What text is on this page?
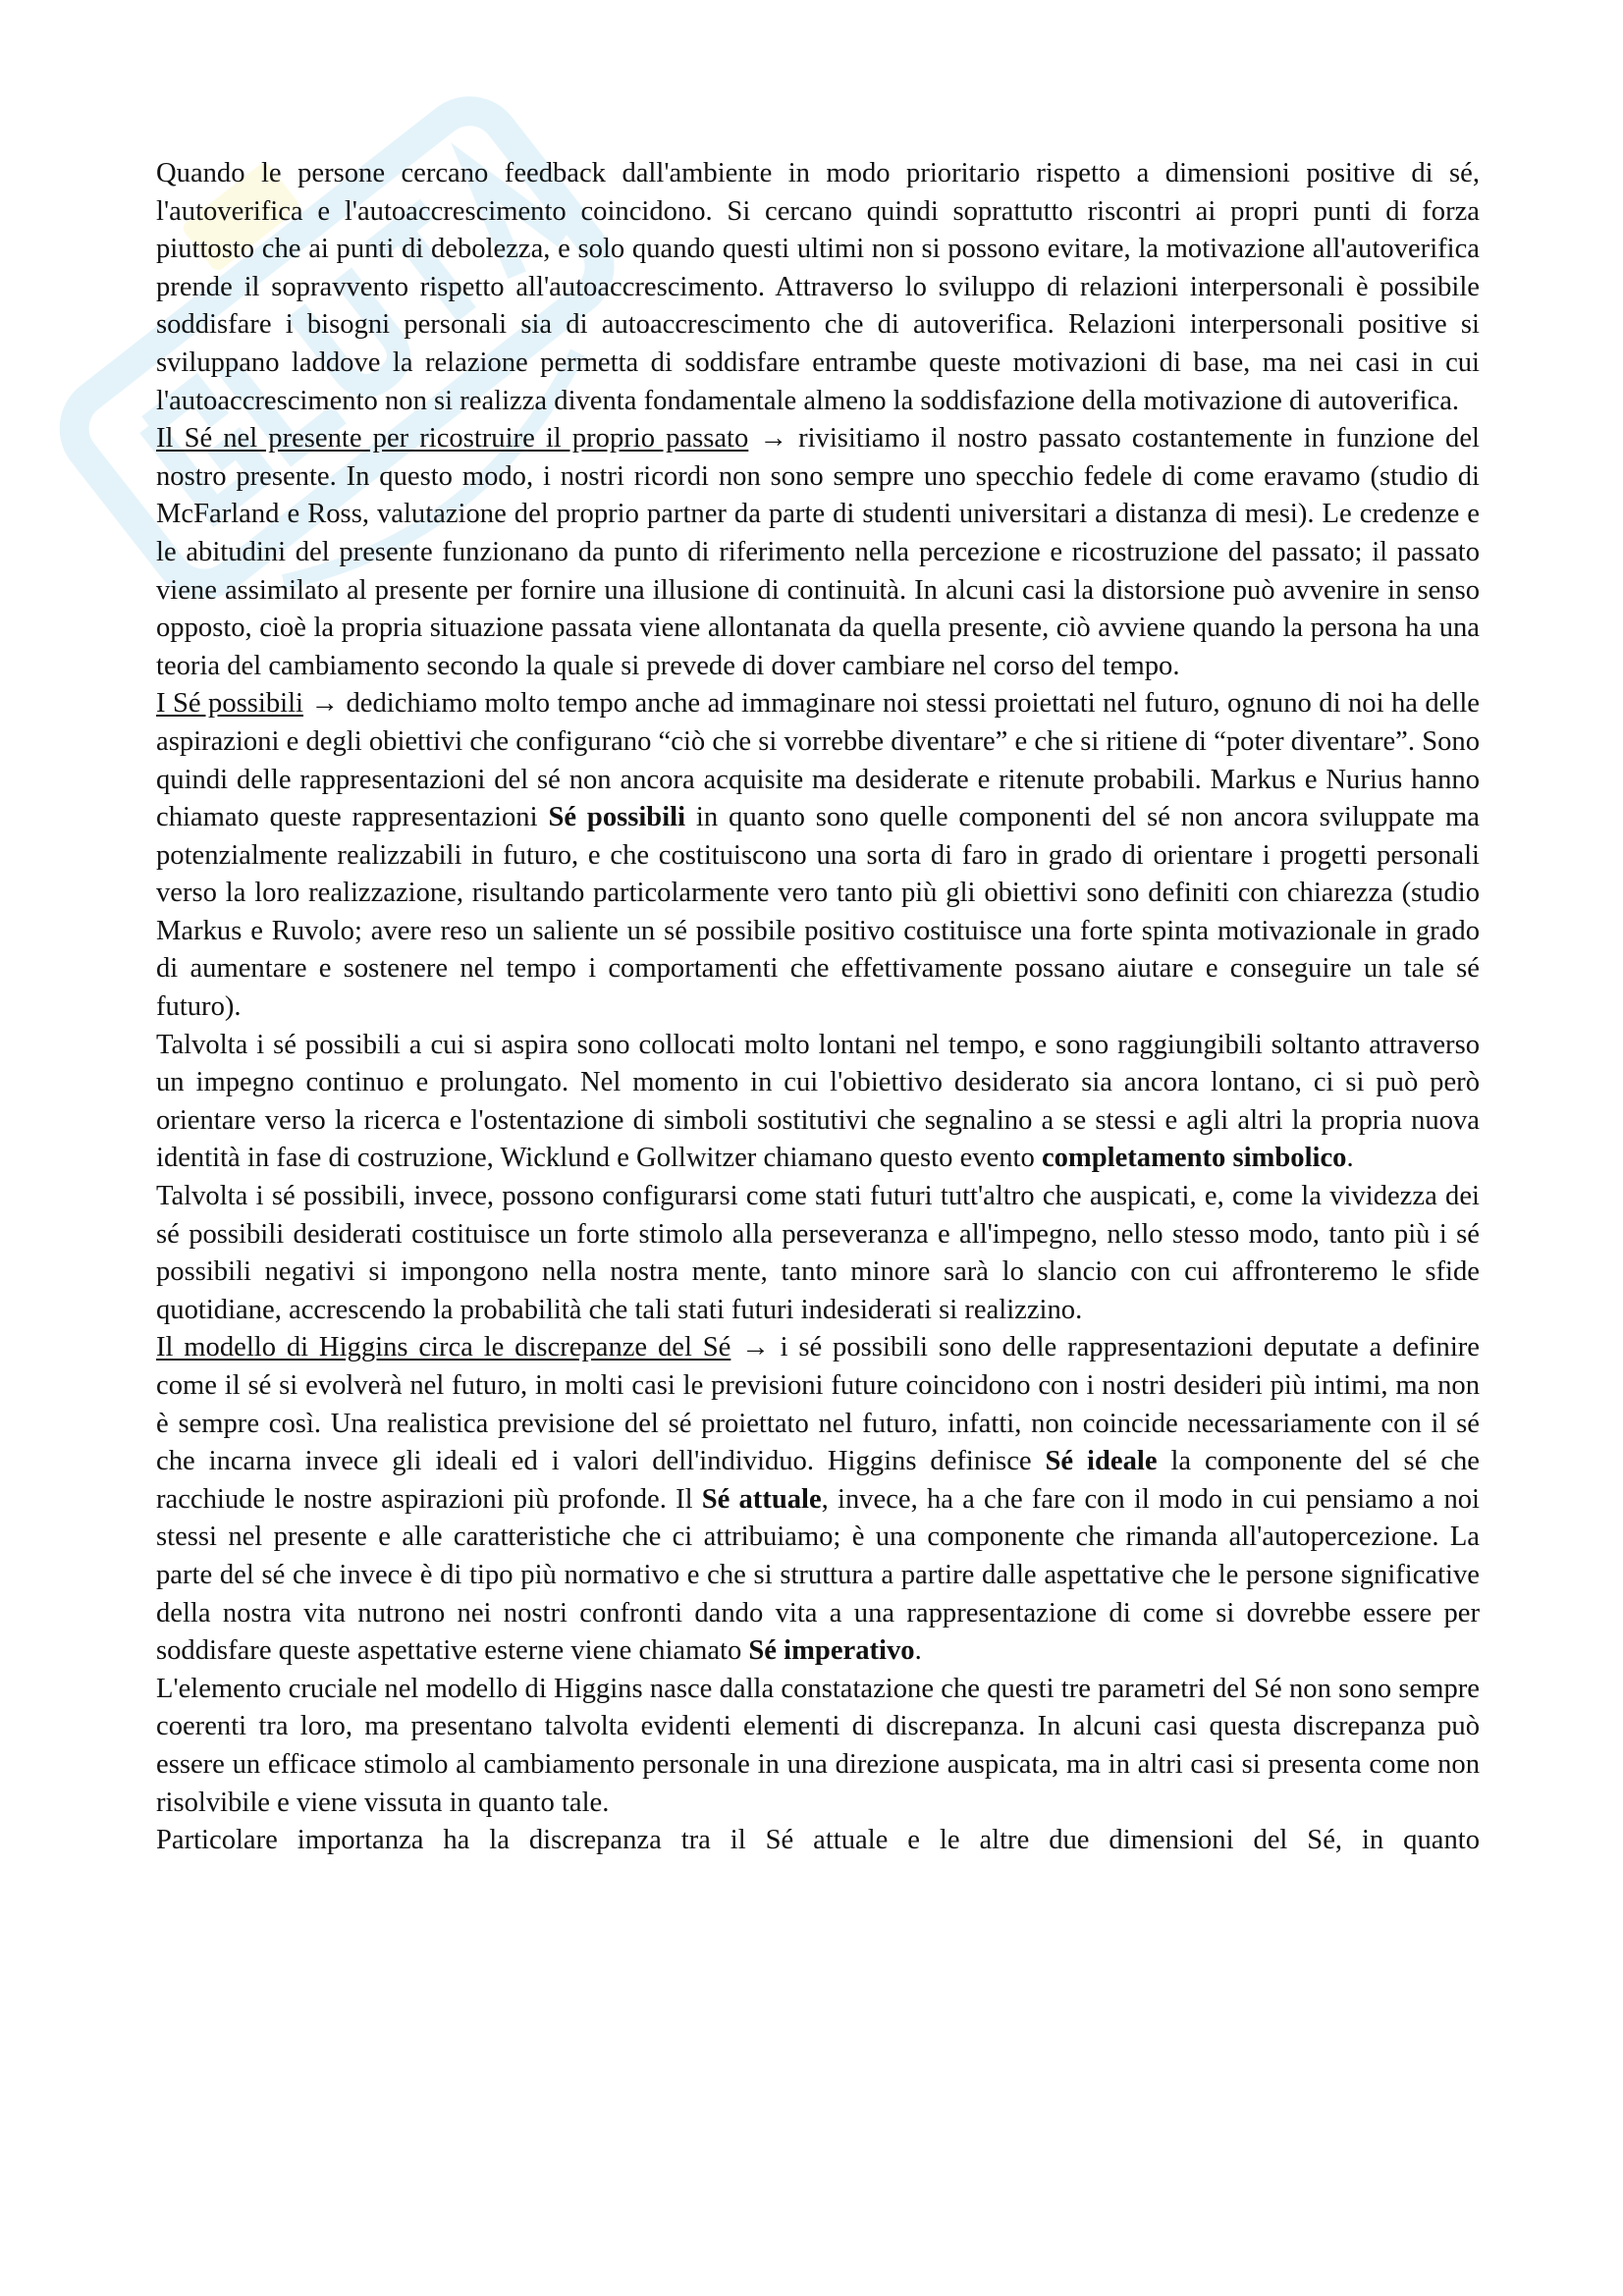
Quando le persone cercano feedback dall'ambiente in modo prioritario rispetto a dimensioni positive di sé, l'autoverifica e l'autoaccrescimento coincidono. Si cercano quindi soprattutto riscontri ai propri punti di forza piuttosto che ai punti di debolezza, e solo quando questi ultimi non si possono evitare, la motivazione all'autoverifica prende il sopravvento rispetto all'autoaccrescimento. Attraverso lo sviluppo di relazioni interpersonali è possibile soddisfare i bisogni personali sia di autoaccrescimento che di autoverifica. Relazioni interpersonali positive si sviluppano laddove la relazione permetta di soddisfare entrambe queste motivazioni di base, ma nei casi in cui l'autoaccrescimento non si realizza diventa fondamentale almeno la soddisfazione della motivazione di autoverifica.

Il Sé nel presente per ricostruire il proprio passato → rivisitiamo il nostro passato costantemente in funzione del nostro presente. In questo modo, i nostri ricordi non sono sempre uno specchio fedele di come eravamo (studio di McFarland e Ross, valutazione del proprio partner da parte di studenti universitari a distanza di mesi). Le credenze e le abitudini del presente funzionano da punto di riferimento nella percezione e ricostruzione del passato; il passato viene assimilato al presente per fornire una illusione di continuità. In alcuni casi la distorsione può avvenire in senso opposto, cioè la propria situazione passata viene allontanata da quella presente, ciò avviene quando la persona ha una teoria del cambiamento secondo la quale si prevede di dover cambiare nel corso del tempo.

I Sé possibili → dedichiamo molto tempo anche ad immaginare noi stessi proiettati nel futuro, ognuno di noi ha delle aspirazioni e degli obiettivi che configurano “ciò che si vorrebbe diventare” e che si ritiene di “poter diventare”. Sono quindi delle rappresentazioni del sé non ancora acquisite ma desiderate e ritenute probabili. Markus e Nurius hanno chiamato queste rappresentazioni Sé possibili in quanto sono quelle componenti del sé non ancora sviluppate ma potenzialmente realizzabili in futuro, e che costituiscono una sorta di faro in grado di orientare i progetti personali verso la loro realizzazione, risultando particolarmente vero tanto più gli obiettivi sono definiti con chiarezza (studio Markus e Ruvolo; avere reso un saliente un sé possibile positivo costituisce una forte spinta motivazionale in grado di aumentare e sostenere nel tempo i comportamenti che effettivamente possano aiutare e conseguire un tale sé futuro).

Talvolta i sé possibili a cui si aspira sono collocati molto lontani nel tempo, e sono raggiungibili soltanto attraverso un impegno continuo e prolungato. Nel momento in cui l'obiettivo desiderato sia ancora lontano, ci si può però orientare verso la ricerca e l'ostentazione di simboli sostitutivi che segnalino a se stessi e agli altri la propria nuova identità in fase di costruzione, Wicklund e Gollwitzer chiamano questo evento completamento simbolico.

Talvolta i sé possibili, invece, possono configurarsi come stati futuri tutt'altro che auspicati, e, come la vividezza dei sé possibili desiderati costituisce un forte stimolo alla perseveranza e all'impegno, nello stesso modo, tanto più i sé possibili negativi si impongono nella nostra mente, tanto minore sarà lo slancio con cui affronteremo le sfide quotidiane, accrescendo la probabilità che tali stati futuri indesiderati si realizzino.

Il modello di Higgins circa le discrepanze del Sé → i sé possibili sono delle rappresentazioni deputate a definire come il sé si evolverà nel futuro, in molti casi le previsioni future coincidono con i nostri desideri più intimi, ma non è sempre così. Una realistica previsione del sé proiettato nel futuro, infatti, non coincide necessariamente con il sé che incarna invece gli ideali ed i valori dell'individuo. Higgins definisce Sé ideale la componente del sé che racchiude le nostre aspirazioni più profonde. Il Sé attuale, invece, ha a che fare con il modo in cui pensiamo a noi stessi nel presente e alle caratteristiche che ci attribuiamo; è una componente che rimanda all'autopercezione. La parte del sé che invece è di tipo più normativo e che si struttura a partire dalle aspettative che le persone significative della nostra vita nutrono nei nostri confronti dando vita a una rappresentazione di come si dovrebbe essere per soddisfare queste aspettative esterne viene chiamato Sé imperativo.

L'elemento cruciale nel modello di Higgins nasce dalla constatazione che questi tre parametri del Sé non sono sempre coerenti tra loro, ma presentano talvolta evidenti elementi di discrepanza. In alcuni casi questa discrepanza può essere un efficace stimolo al cambiamento personale in una direzione auspicata, ma in altri casi si presenta come non risolvibile e viene vissuta in quanto tale.

Particolare importanza ha la discrepanza tra il Sé attuale e le altre due dimensioni del Sé, in quanto
